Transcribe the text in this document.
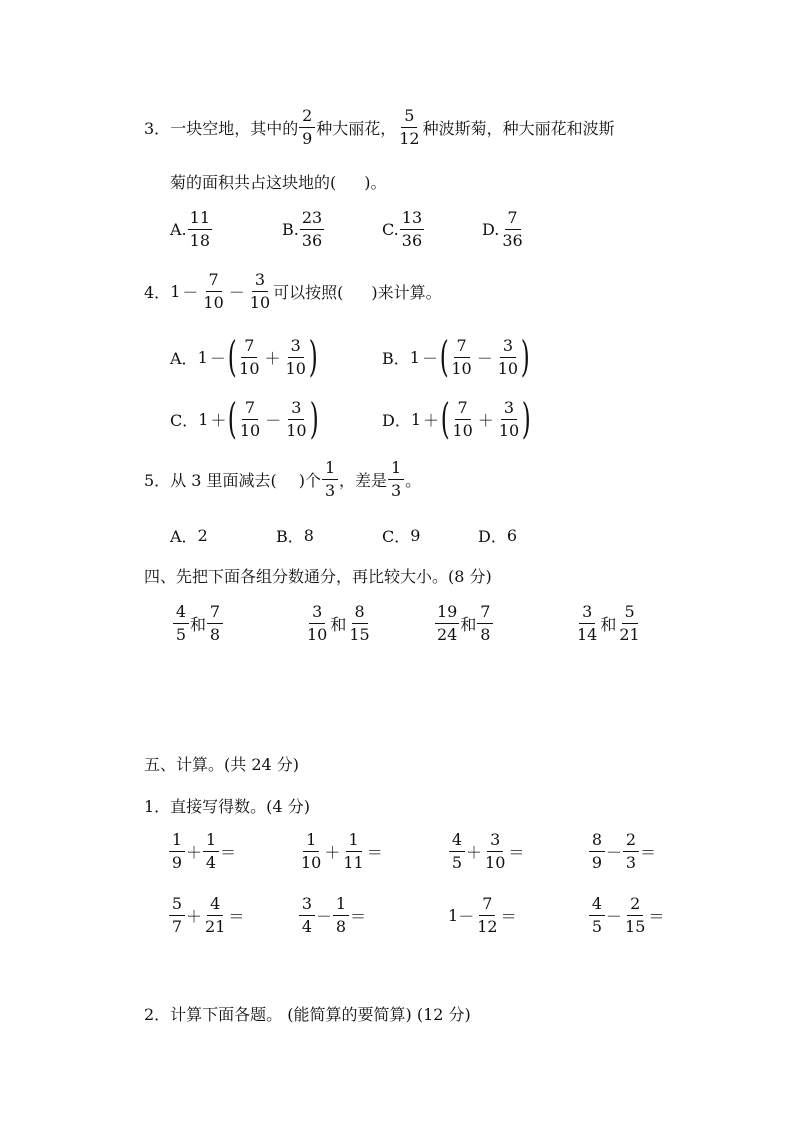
3． 一块空地，其中的 $\frac{2}{9}$ 种大丽花， $\frac{5}{12}$ 种波斯菊，种大丽花和波斯
菊的面积共占这块地的( )。
A. $\frac{11}{18}$	B. $\frac{23}{36}$	C. $\frac{13}{36}$	D. $\frac{7}{36}$
4． $1 - \frac{7}{10} - \frac{3}{10}$ 可以按照( )来计算。
A． 1 － ( $\frac{7}{10} + \frac{3}{10}$ )	B． 1 － ( $\frac{7}{10} - \frac{3}{10}$ )
C． 1 ＋ ( $\frac{7}{10} - \frac{3}{10}$ )	D． 1 ＋ ( $\frac{7}{10} + \frac{3}{10}$ )
5． 从 3 里面减去( )个 $\frac{1}{3}$ ，差是 $\frac{1}{3}$ 。
A． 2	B． 8	C． 9	D． 6
四、先把下面各组分数通分，再比较大小。(8 分)
$\frac{4}{5}$ 和 $\frac{7}{8}$	$\frac{3}{10}$ 和 $\frac{8}{15}$	$\frac{19}{24}$ 和 $\frac{7}{8}$	$\frac{3}{14}$ 和 $\frac{5}{21}$
五、计算。(共 24 分)
1．直接写得数。(4 分)
$\frac{1}{9} + \frac{1}{4}$ ＝	$\frac{1}{10} + \frac{1}{11}$ ＝	$\frac{4}{5} + \frac{3}{10}$ ＝	$\frac{8}{9} - \frac{2}{3}$ ＝
$\frac{5}{7} + \frac{4}{21}$ ＝	$\frac{3}{4} - \frac{1}{8}$ ＝	$1 - \frac{7}{12}$ ＝	$\frac{4}{5} - \frac{2}{15}$ ＝
2．计算下面各题。 (能简算的要简算) (12 分)
